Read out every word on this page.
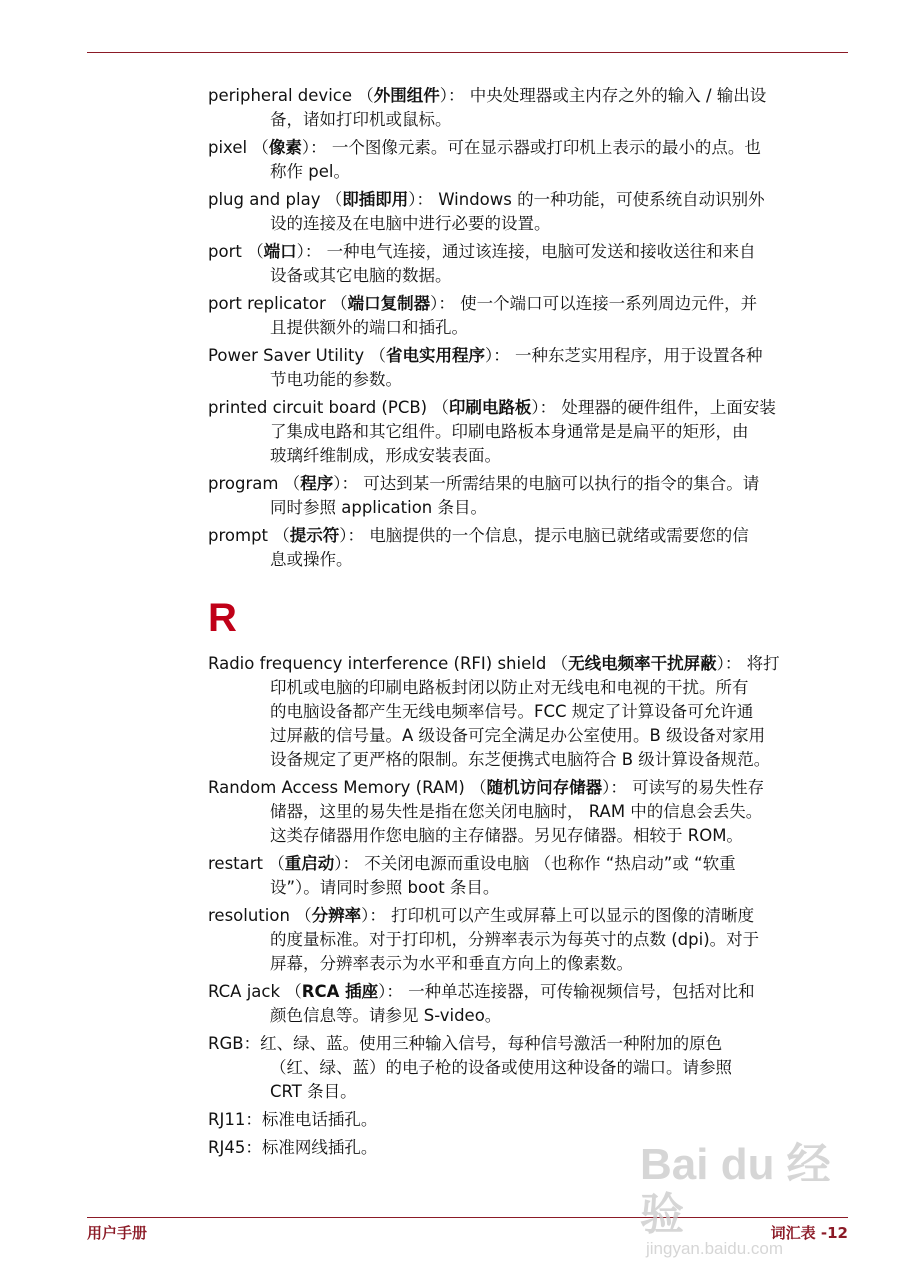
peripheral device （外围组件）： 中央处理器或主内存之外的输入 / 输出设
备，诸如打印机或鼠标。
pixel （像素）： 一个图像元素。可在显示器或打印机上表示的最小的点。也
称作 pel。
plug and play （即插即用）： Windows 的一种功能，可使系统自动识别外
设的连接及在电脑中进行必要的设置。
port （端口）： 一种电气连接，通过该连接，电脑可发送和接收送往和来自
设备或其它电脑的数据。
port replicator （端口复制器）： 使一个端口可以连接一系列周边元件，并
且提供额外的端口和插孔。
Power Saver Utility （省电实用程序）： 一种东芝实用程序，用于设置各种
节电功能的参数。
printed circuit board (PCB) （印刷电路板）： 处理器的硬件组件，上面安装
了集成电路和其它组件。印刷电路板本身通常是是扁平的矩形，由
玻璃纤维制成，形成安装表面。
program （程序）： 可达到某一所需结果的电脑可以执行的指令的集合。请
同时参照 application 条目。
prompt （提示符）： 电脑提供的一个信息，提示电脑已就绪或需要您的信
息或操作。
R
Radio frequency interference (RFI) shield （无线电频率干扰屏蔽）： 将打
印机或电脑的印刷电路板封闭以防止对无线电和电视的干扰。所有
的电脑设备都产生无线电频率信号。FCC 规定了计算设备可允许通
过屏蔽的信号量。A 级设备可完全满足办公室使用。B 级设备对家用
设备规定了更严格的限制。东芝便携式电脑符合 B 级计算设备规范。
Random Access Memory (RAM) （随机访问存储器）： 可读写的易失性存
储器，这里的易失性是指在您关闭电脑时， RAM 中的信息会丢失。
这类存储器用作您电脑的主存储器。另见存储器。相较于 ROM。
restart （重启动）： 不关闭电源而重设电脑 （也称作 “热启动”或 “软重
设”）。请同时参照 boot 条目。
resolution （分辨率）： 打印机可以产生或屏幕上可以显示的图像的清晰度
的度量标准。对于打印机，分辨率表示为每英寸的点数 (dpi)。对于
屏幕，分辨率表示为水平和垂直方向上的像素数。
RCA jack （RCA 插座）： 一种单芯连接器，可传输视频信号，包括对比和
颜色信息等。请参见 S-video。
RGB：红、绿、蓝。使用三种输入信号，每种信号激活一种附加的原色
（红、绿、蓝）的电子枪的设备或使用这种设备的端口。请参照
CRT 条目。
RJ11：标准电话插孔。
RJ45：标准网线插孔。
用户手册	词汇表 -12
Bai du 经验
jingyan.baidu.com
